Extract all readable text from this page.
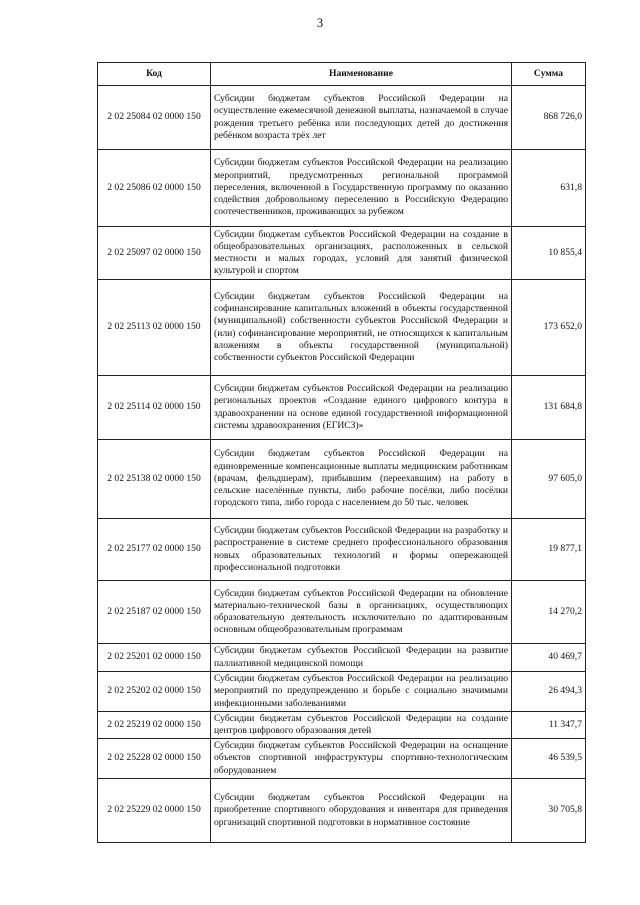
3
Код	Наименование	Сумма
2 02 25084 02 0000 150	Субсидии бюджетам субъектов Российской Федерации на осуществление ежемесячной денежной выплаты, назначаемой в случае рождения третьего ребёнка или последующих детей до достижения ребёнком возраста трёх лет	868 726,0
2 02 25086 02 0000 150	Субсидии бюджетам субъектов Российской Федерации на реализацию мероприятий, предусмотренных региональной программой переселения, включенной в Государственную программу по оказанию содействия добровольному переселению в Российскую Федерацию соотечественников, проживающих за рубежом	631,8
2 02 25097 02 0000 150	Субсидии бюджетам субъектов Российской Федерации на создание в общеобразовательных организациях, расположенных в сельской местности и малых городах, условий для занятий физической культурой и спортом	10 855,4
2 02 25113 02 0000 150	Субсидии бюджетам субъектов Российской Федерации на софинансирование капитальных вложений в объекты государственной (муниципальной) собственности субъектов Российской Федерации и (или) софинансирование мероприятий, не относящихся к капитальным вложениям в объекты государственной (муниципальной) собственности субъектов Российской Федерации	173 652,0
2 02 25114 02 0000 150	Субсидии бюджетам субъектов Российской Федерации на реализацию региональных проектов «Создание единого цифрового контура в здравоохранении на основе единой государственной информационной системы здравоохранения (ЕГИСЗ)»	131 684,8
2 02 25138 02 0000 150	Субсидии бюджетам субъектов Российской Федерации на единовременные компенсационные выплаты медицинским работникам (врачам, фельдшерам), прибывшим (переехавшим) на работу в сельские населённые пункты, либо рабочие посёлки, либо посёлки городского типа, либо города с населением до 50 тыс. человек	97 605,0
2 02 25177 02 0000 150	Субсидии бюджетам субъектов Российской Федерации на разработку и распространение в системе среднего профессионального образования новых образовательных технологий и формы опережающей профессиональной подготовки	19 877,1
2 02 25187 02 0000 150	Субсидии бюджетам субъектов Российской Федерации на обновление материально-технической базы в организациях, осуществляющих образовательную деятельность исключительно по адаптированным основным общеобразовательным программам	14 270,2
2 02 25201 02 0000 150	Субсидии бюджетам субъектов Российской Федерации на развитие паллиативной медицинской помощи	40 469,7
2 02 25202 02 0000 150	Субсидии бюджетам субъектов Российской Федерации на реализацию мероприятий по предупреждению и борьбе с социально значимыми инфекционными заболеваниями	26 494,3
2 02 25219 02 0000 150	Субсидии бюджетам субъектов Российской Федерации на создание центров цифрового образования детей	11 347,7
2 02 25228 02 0000 150	Субсидии бюджетам субъектов Российской Федерации на оснащение объектов спортивной инфраструктуры спортивно-технологическим оборудованием	46 539,5
2 02 25229 02 0000 150	Субсидии бюджетам субъектов Российской Федерации на приобретение спортивного оборудования и инвентаря для приведения организаций спортивной подготовки в нормативное состояние	30 705,8
